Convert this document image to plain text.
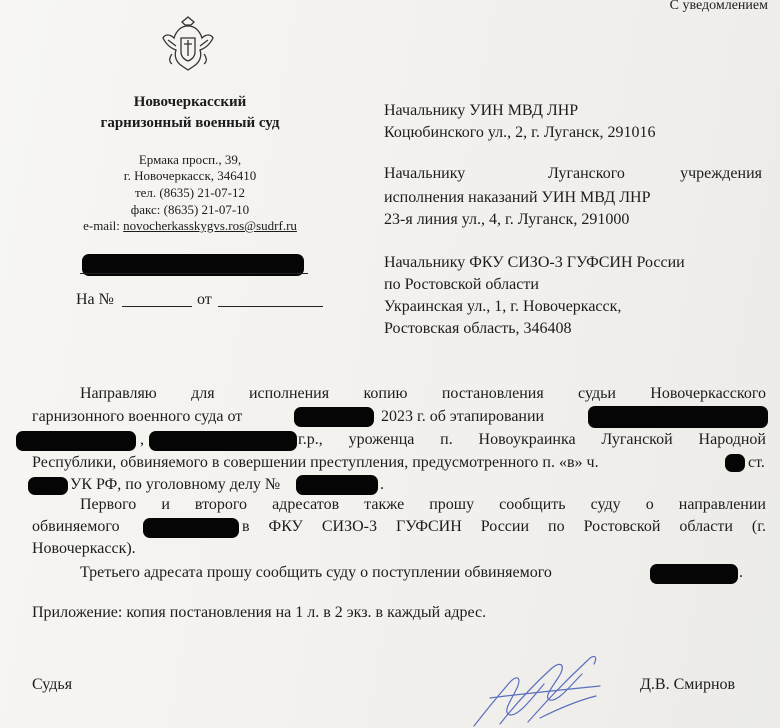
С уведомлением
Новочеркасский
гарнизонный военный суд
Ермака просп., 39,
г. Новочеркасск, 346410
тел. (8635) 21-07-12
факс: (8635) 21-07-10
e-mail: novocherkasskygvs.ros@sudrf.ru
На №	от
Начальнику УИН МВД ЛНР
Коцюбинского ул., 2, г. Луганск, 291016
Начальнику	Луганского	учреждения
исполнения наказаний УИН МВД ЛНР
23-я линия ул., 4, г. Луганск, 291000
Начальнику ФКУ СИЗО-3 ГУФСИН России
по Ростовской области
Украинская ул., 1, г. Новочеркасск,
Ростовская область, 346408
Направляю для исполнения копию постановления судьи Новочеркасского
гарнизонного военного суда от	2023 г. об этапировании
,	г.р., уроженца п. Новоукраинка Луганской Народной
Республики, обвиняемого в совершении преступления, предусмотренного п. «в» ч.	ст.
УК РФ, по уголовному делу №	.
Первого и второго адресатов также прошу сообщить суду о направлении
обвиняемого	в ФКУ СИЗО-3 ГУФСИН России по Ростовской области (г.
Новочеркасск).
Третьего адресата прошу сообщить суду о поступлении обвиняемого	.
Приложение: копия постановления на 1 л. в 2 экз. в каждый адрес.
Судья	Д.В. Смирнов
